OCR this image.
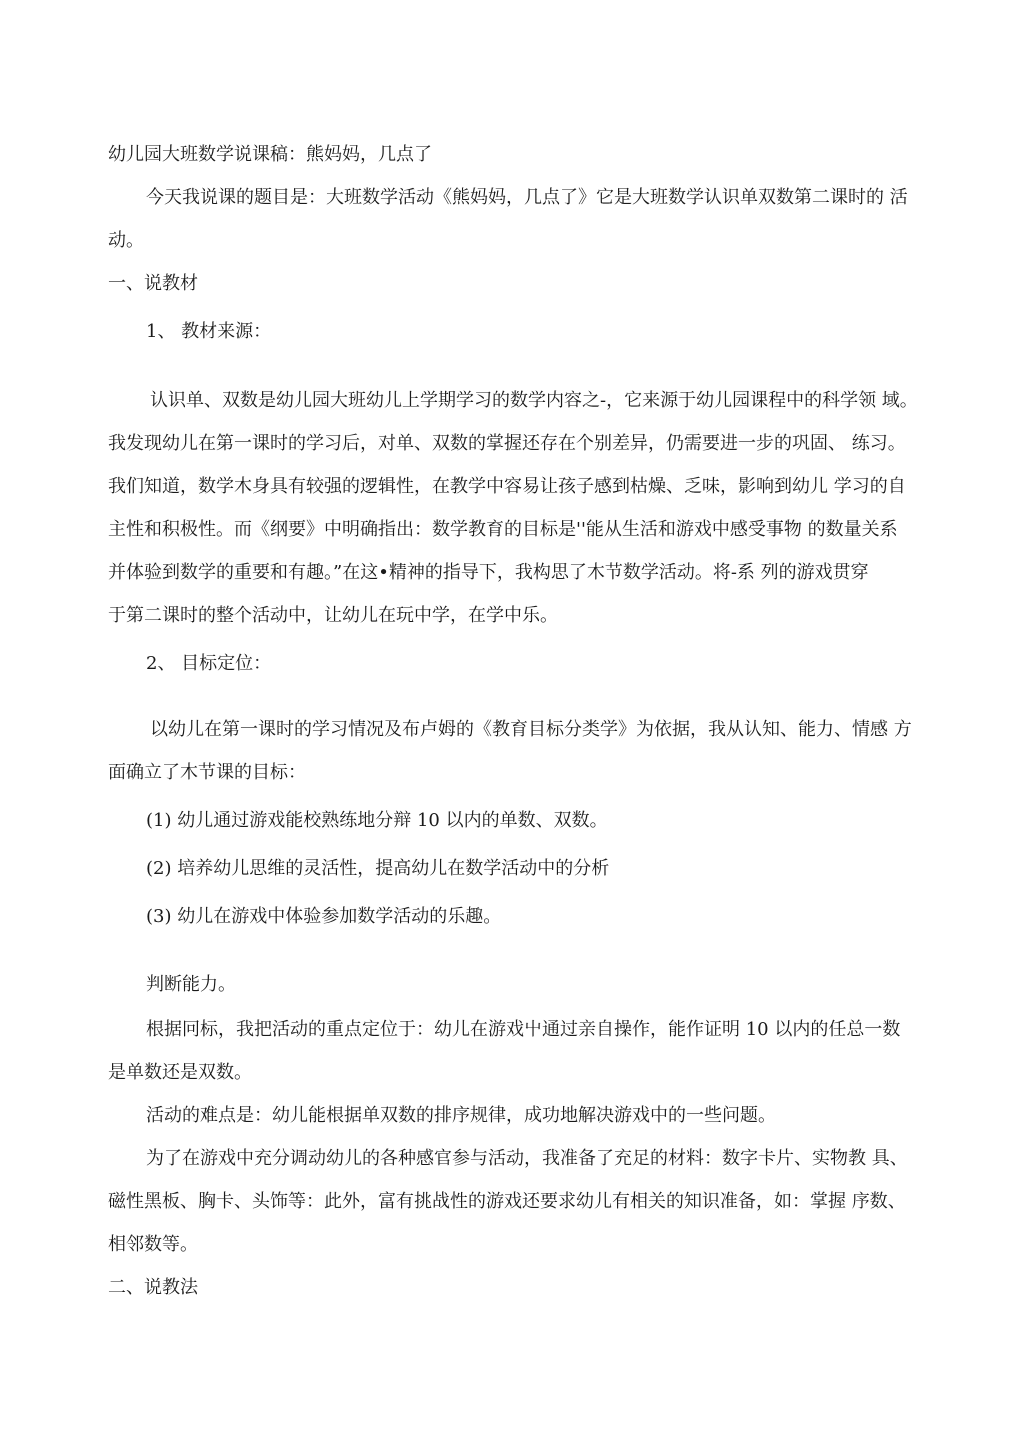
幼儿园大班数学说课稿：熊妈妈，几点了
今天我说课的题目是：大班数学活动《熊妈妈，几点了》它是大班数学认识单双数第二课时的 活
动。
一、说教材
1、 教材来源：
认识单、双数是幼儿园大班幼儿上学期学习的数学内容之-，它来源于幼儿园课程中的科学领 域。
我发现幼儿在第一课时的学习后，对单、双数的掌握还存在个别差异，仍需要进一步的巩固、 练习。
我们知道，数学木身具有较强的逻辑性，在教学中容易让孩子感到枯燥、乏味，影响到幼儿 学习的自
主性和积极性。而《纲要》中明确指出：数学教育的目标是''能从生活和游戏中感受事物 的数量关系
并体验到数学的重要和有趣。”在这•精神的指导下，我构思了木节数学活动。将-系 列的游戏贯穿
于第二课时的整个活动中，让幼儿在玩中学，在学中乐。
2、 目标定位：
以幼儿在第一课时的学习情况及布卢姆的《教育目标分类学》为依据，我从认知、能力、情感 方
面确立了木节课的目标：
(1) 幼儿通过游戏能校熟练地分辩 10 以内的单数、双数。
(2) 培养幼儿思维的灵活性，提高幼儿在数学活动中的分析
(3) 幼儿在游戏中体验参加数学活动的乐趣。
判断能力。
根据冋标，我把活动的重点定位于：幼儿在游戏屮通过亲自操作，能作证明 10 以内的任总一数
是单数还是双数。
活动的难点是：幼儿能根据单双数的排序规律，成功地解决游戏中的一些问题。
为了在游戏中充分调动幼儿的各种感官参与活动，我准备了充足的材料：数字卡片、实物教 具、
磁性黑板、胸卡、头饰等：此外，富有挑战性的游戏还要求幼儿有相关的知识准备，如：掌握 序数、
相邻数等。
二、说教法
